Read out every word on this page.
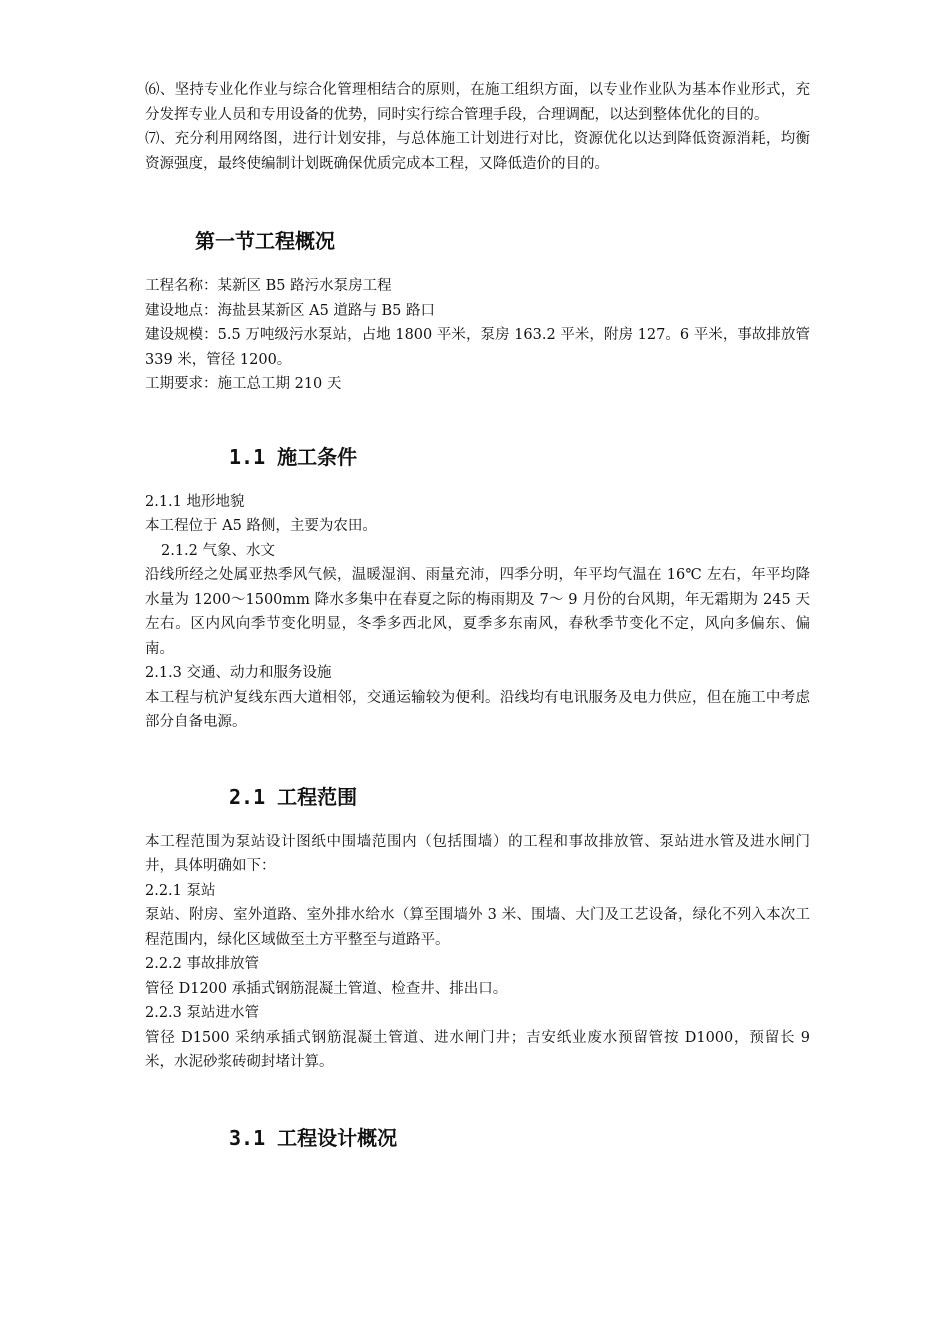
⑹、坚持专业化作业与综合化管理相结合的原则，在施工组织方面，以专业作业队为基本作业形式，充分发挥专业人员和专用设备的优势，同时实行综合管理手段，合理调配，以达到整体优化的目的。

⑺、充分利用网络图，进行计划安排，与总体施工计划进行对比，资源优化以达到降低资源消耗，均衡资源强度，最终使编制计划既确保优质完成本工程，又降低造价的目的。

第一节工程概况

工程名称：某新区 B5 路污水泵房工程

建设地点：海盐县某新区 A5 道路与 B5 路口

建设规模：5.5 万吨级污水泵站，占地 1800 平米，泵房 163.2 平米，附房 127。6 平米，事故排放管 339 米，管径 1200。

工期要求：施工总工期 210 天

1.1 施工条件

2.1.1 地形地貌

本工程位于 A5 路侧，主要为农田。

2.1.2 气象、水文

沿线所经之处属亚热季风气候，温暖湿润、雨量充沛，四季分明，年平均气温在 16℃ 左右，年平均降水量为 1200～1500mm 降水多集中在春夏之际的梅雨期及 7～ 9 月份的台风期，年无霜期为 245 天左右。区内风向季节变化明显，冬季多西北风，夏季多东南风，春秋季节变化不定，风向多偏东、偏南。

2.1.3 交通、动力和服务设施

本工程与杭沪复线东西大道相邻，交通运输较为便利。沿线均有电讯服务及电力供应，但在施工中考虑部分自备电源。

2.1 工程范围

本工程范围为泵站设计图纸中围墙范围内（包括围墙）的工程和事故排放管、泵站进水管及进水闸门井，具体明确如下：

2.2.1 泵站

泵站、附房、室外道路、室外排水给水（算至围墙外 3 米、围墙、大门及工艺设备，绿化不列入本次工程范围内，绿化区域做至土方平整至与道路平。

2.2.2 事故排放管

管径 D1200 承插式钢筋混凝土管道、检查井、排出口。

2.2.3 泵站进水管

管径 D1500 采纳承插式钢筋混凝土管道、进水闸门井；吉安纸业废水预留管按 D1000，预留长 9 米，水泥砂浆砖砌封堵计算。

3.1 工程设计概况
